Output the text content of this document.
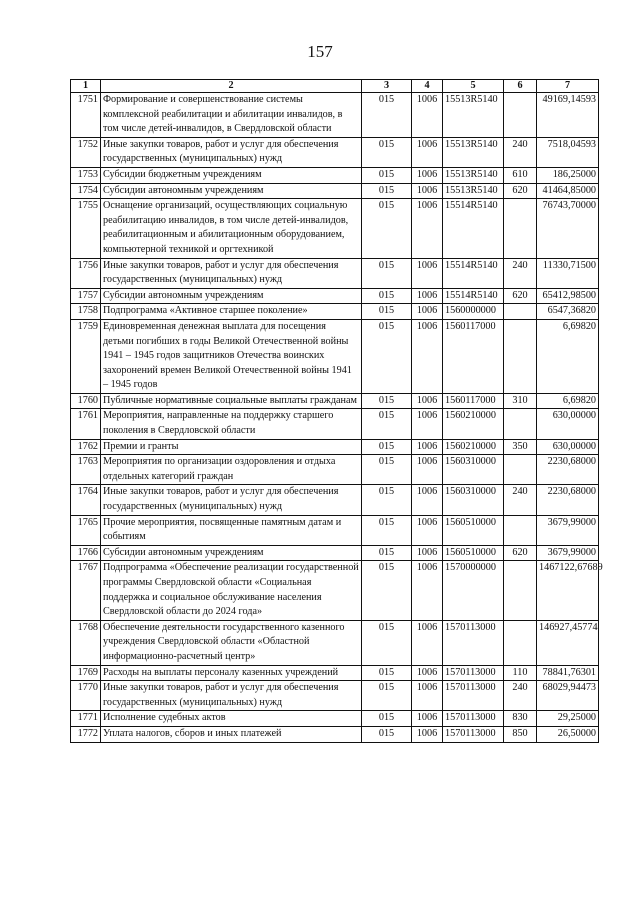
157
1	2	3	4	5	6	7
1751	Формирование и совершенствование системы комплексной реабилитации и абилитации инвалидов, в том числе детей-инвалидов, в Свердловской области	015	1006	15513R5140		49169,14593
1752	Иные закупки товаров, работ и услуг для обеспечения государственных (муниципальных) нужд	015	1006	15513R5140	240	7518,04593
1753	Субсидии бюджетным учреждениям	015	1006	15513R5140	610	186,25000
1754	Субсидии автономным учреждениям	015	1006	15513R5140	620	41464,85000
1755	Оснащение организаций, осуществляющих социальную реабилитацию инвалидов, в том числе детей-инвалидов, реабилитационным и абилитационным оборудованием, компьютерной техникой и оргтехникой	015	1006	15514R5140		76743,70000
1756	Иные закупки товаров, работ и услуг для обеспечения государственных (муниципальных) нужд	015	1006	15514R5140	240	11330,71500
1757	Субсидии автономным учреждениям	015	1006	15514R5140	620	65412,98500
1758	Подпрограмма «Активное старшее поколение»	015	1006	1560000000		6547,36820
1759	Единовременная денежная выплата для посещения детьми погибших в годы Великой Отечественной войны 1941 – 1945 годов защитников Отечества воинских захоронений времен Великой Отечественной войны 1941 – 1945 годов	015	1006	1560117000		6,69820
1760	Публичные нормативные социальные выплаты гражданам	015	1006	1560117000	310	6,69820
1761	Мероприятия, направленные на поддержку старшего поколения в Свердловской области	015	1006	1560210000		630,00000
1762	Премии и гранты	015	1006	1560210000	350	630,00000
1763	Мероприятия по организации оздоровления и отдыха отдельных категорий граждан	015	1006	1560310000		2230,68000
1764	Иные закупки товаров, работ и услуг для обеспечения государственных (муниципальных) нужд	015	1006	1560310000	240	2230,68000
1765	Прочие мероприятия, посвященные памятным датам и событиям	015	1006	1560510000		3679,99000
1766	Субсидии автономным учреждениям	015	1006	1560510000	620	3679,99000
1767	Подпрограмма «Обеспечение реализации государственной программы Свердловской области «Социальная поддержка и социальное обслуживание населения Свердловской области до 2024 года»	015	1006	1570000000		1467122,67689
1768	Обеспечение деятельности государственного казенного учреждения Свердловской области «Областной информационно-расчетный центр»	015	1006	1570113000		146927,45774
1769	Расходы на выплаты персоналу казенных учреждений	015	1006	1570113000	110	78841,76301
1770	Иные закупки товаров, работ и услуг для обеспечения государственных (муниципальных) нужд	015	1006	1570113000	240	68029,94473
1771	Исполнение судебных актов	015	1006	1570113000	830	29,25000
1772	Уплата налогов, сборов и иных платежей	015	1006	1570113000	850	26,50000
